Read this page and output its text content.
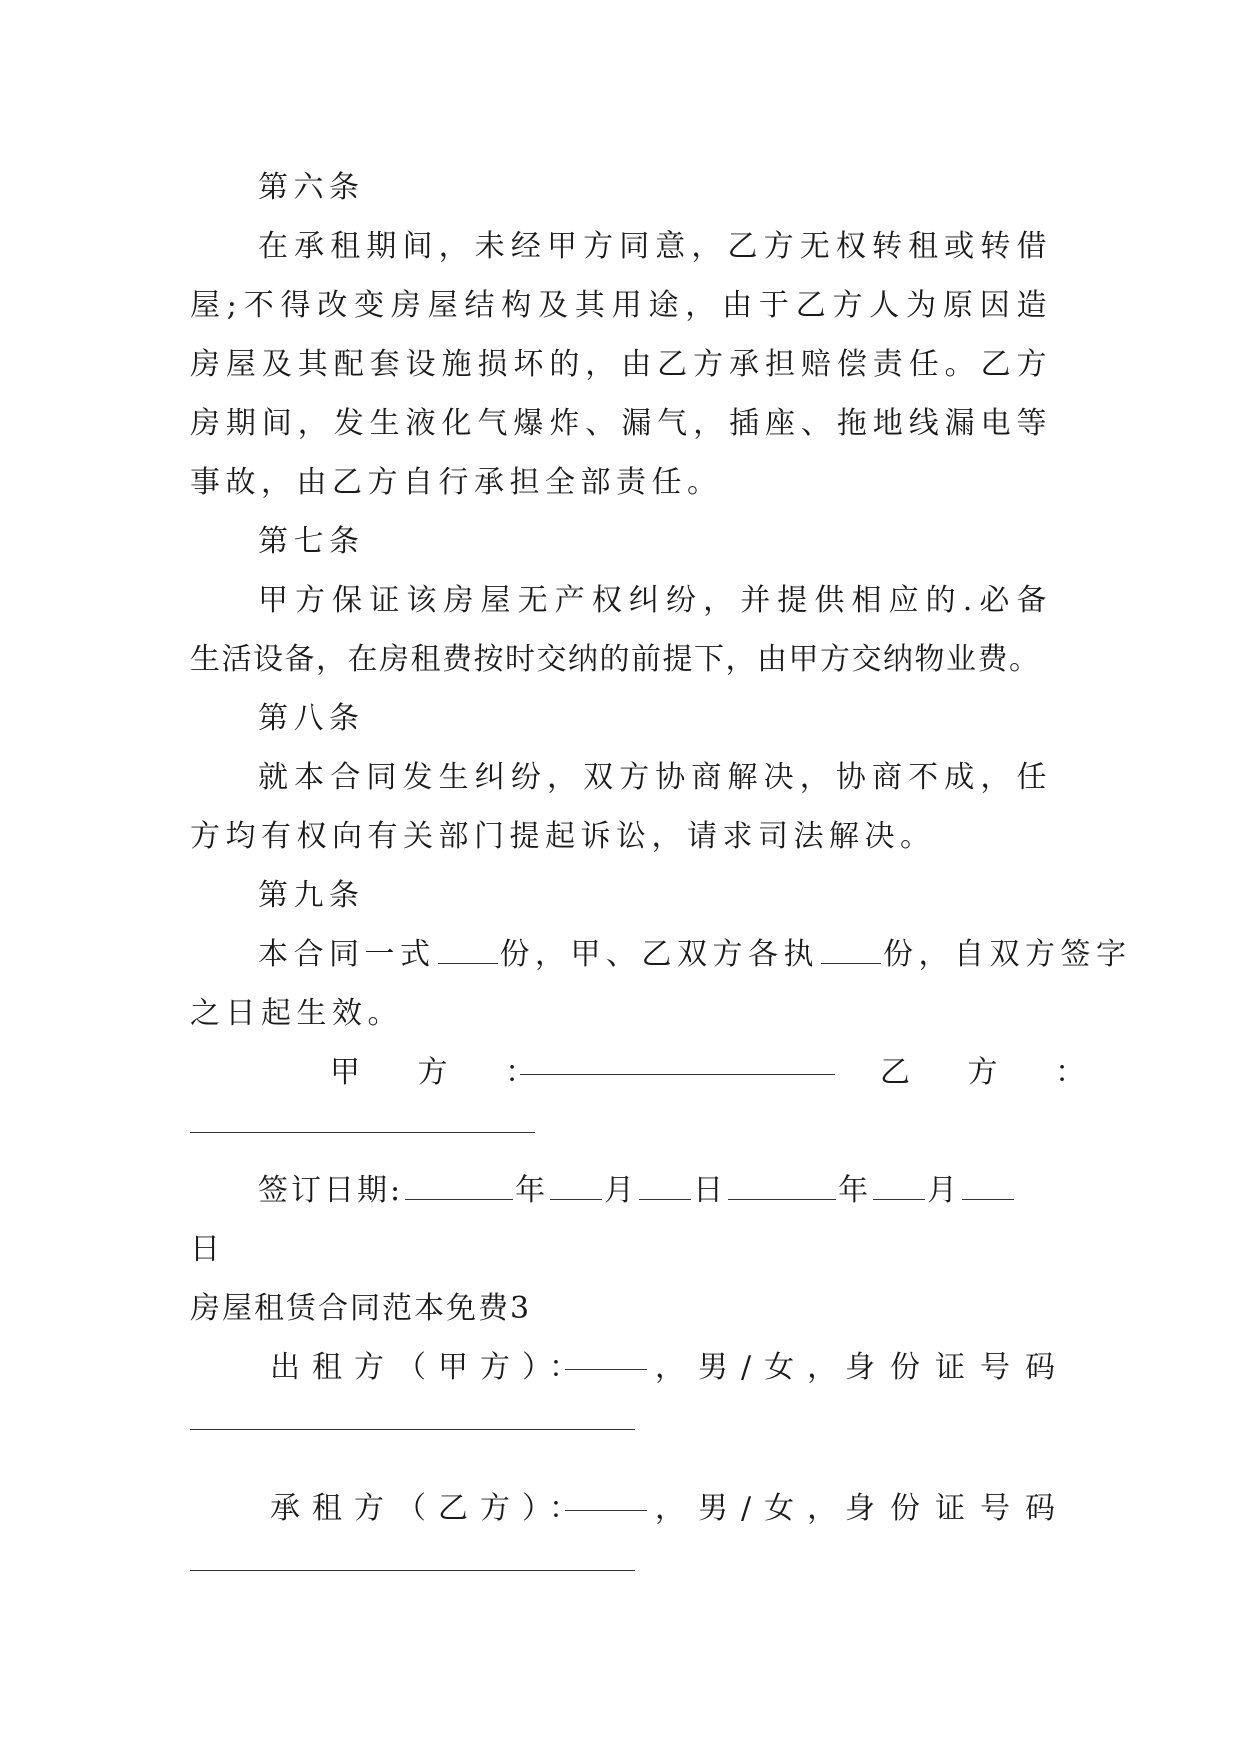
第六条
在承租期间，未经甲方同意，乙方无权转租或转借
屋;不得改变房屋结构及其用途，由于乙方人为原因造
房屋及其配套设施损坏的，由乙方承担赔偿责任。乙方
房期间，发生液化气爆炸、漏气，插座、拖地线漏电等
事故，由乙方自行承担全部责任。
第七条
甲方保证该房屋无产权纠纷，并提供相应的.必备
生活设备，在房租费按时交纳的前提下，由甲方交纳物业费。
第八条
就本合同发生纠纷，双方协商解决，协商不成，任
方均有权向有关部门提起诉讼，请求司法解决。
第九条
本合同一式 份，甲、乙双方各执 份，自双方签字
之日起生效。
甲 方 ：	乙 方 ：
签订日期:	年 月 日	年 月
日
房屋租赁合同范本免费3
出租方（甲方）： ，男/女，
身份证号码
承租方（乙方）： ，男/女，
身份证号码
